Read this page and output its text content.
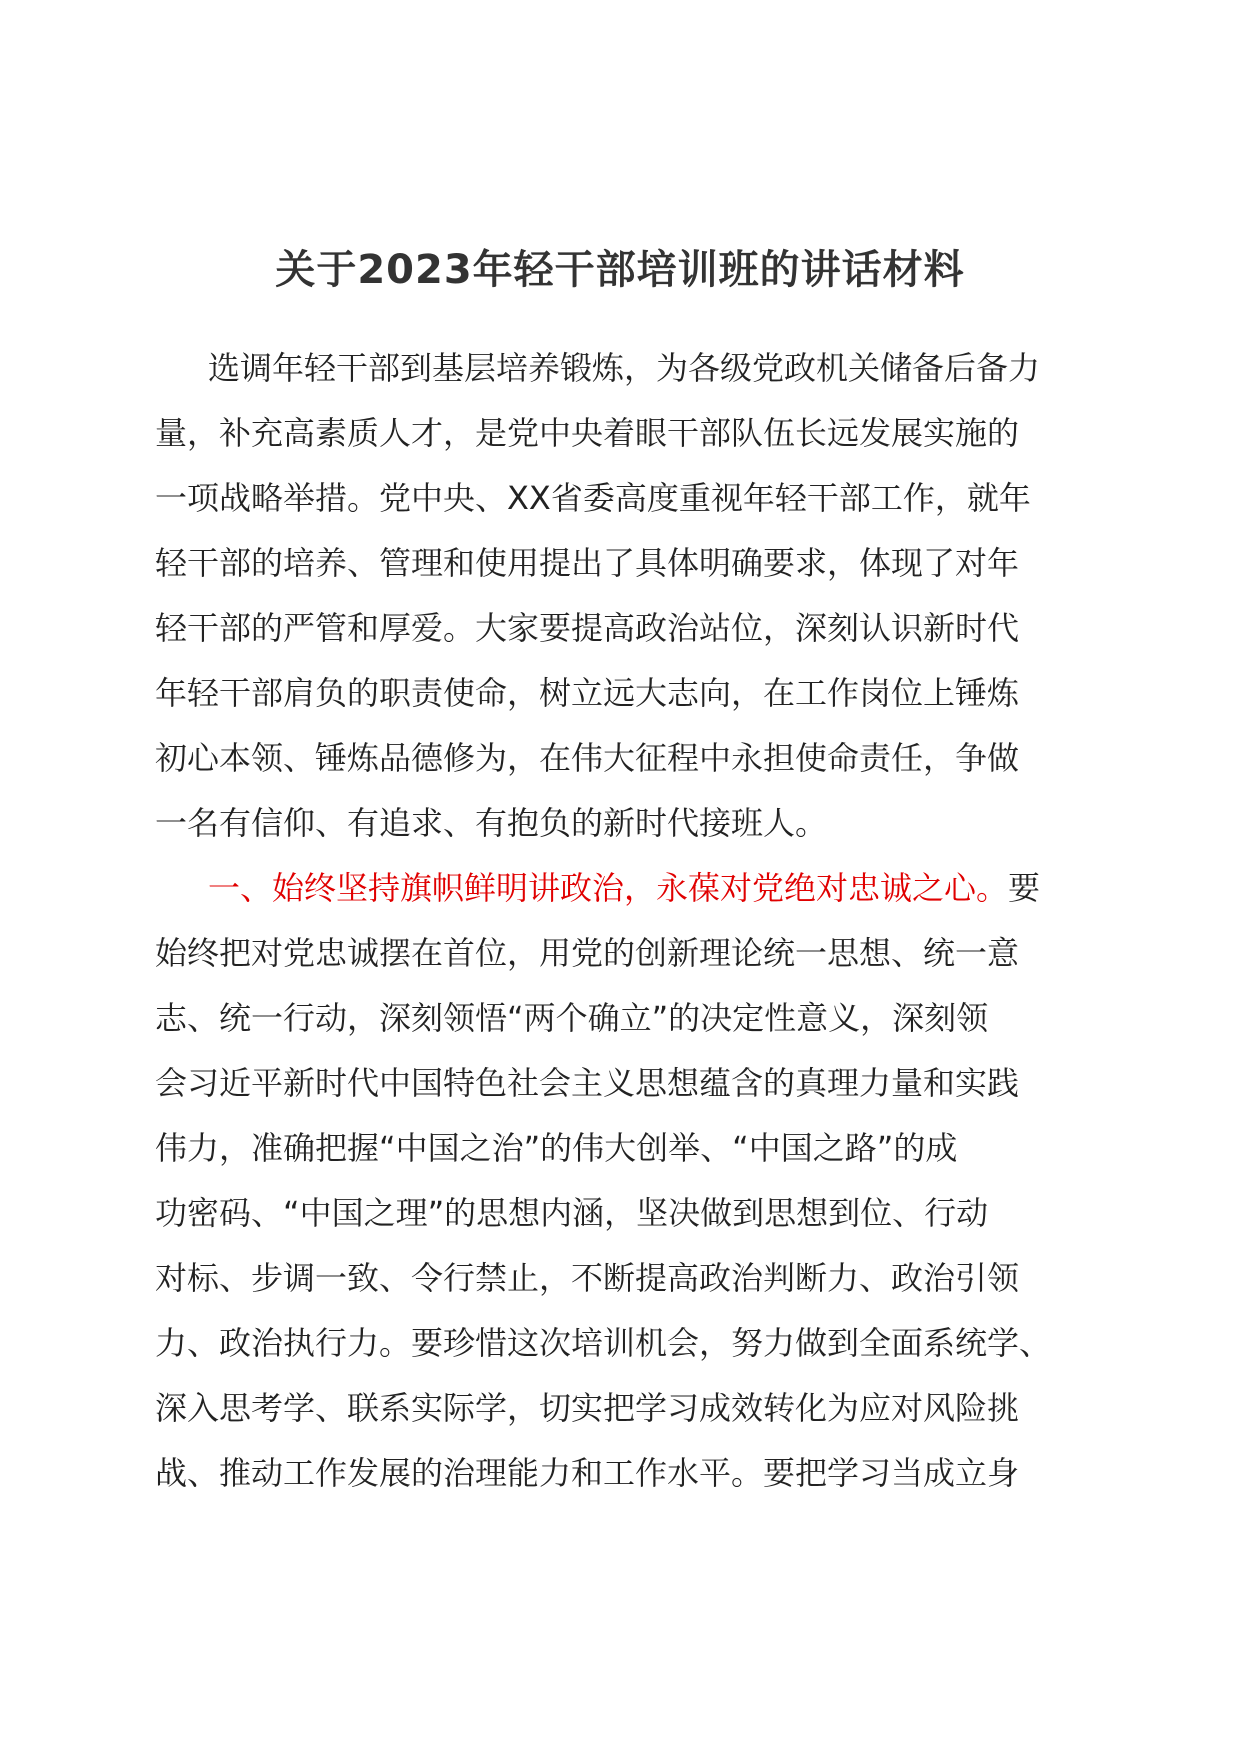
关于2023年轻干部培训班的讲话材料

选调年轻干部到基层培养锻炼，为各级党政机关储备后备力
量，补充高素质人才，是党中央着眼干部队伍长远发展实施的
一项战略举措。党中央、XX省委高度重视年轻干部工作，就年
轻干部的培养、管理和使用提出了具体明确要求，体现了对年
轻干部的严管和厚爱。大家要提高政治站位，深刻认识新时代
年轻干部肩负的职责使命，树立远大志向，在工作岗位上锤炼
初心本领、锤炼品德修为，在伟大征程中永担使命责任，争做
一名有信仰、有追求、有抱负的新时代接班人。

一、始终坚持旗帜鲜明讲政治，永葆对党绝对忠诚之心。要
始终把对党忠诚摆在首位，用党的创新理论统一思想、统一意
志、统一行动，深刻领悟“两个确立”的决定性意义，深刻领
会习近平新时代中国特色社会主义思想蕴含的真理力量和实践
伟力，准确把握“中国之治”的伟大创举、“中国之路”的成
功密码、“中国之理”的思想内涵，坚决做到思想到位、行动
对标、步调一致、令行禁止，不断提高政治判断力、政治引领
力、政治执行力。要珍惜这次培训机会，努力做到全面系统学、
深入思考学、联系实际学，切实把学习成效转化为应对风险挑
战、推动工作发展的治理能力和工作水平。要把学习当成立身
